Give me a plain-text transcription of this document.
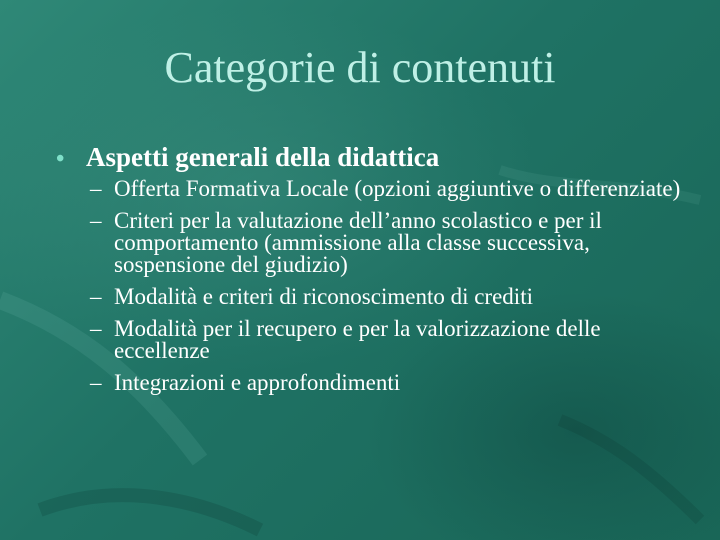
Categorie di contenuti
• Aspetti generali della didattica
– Offerta Formativa Locale (opzioni aggiuntive o differenziate)
– Criteri per la valutazione dell’anno scolastico e per il comportamento (ammissione alla classe successiva, sospensione del giudizio)
– Modalità e criteri di riconoscimento di crediti
– Modalità per il recupero e per la valorizzazione delle eccellenze
– Integrazioni e approfondimenti
